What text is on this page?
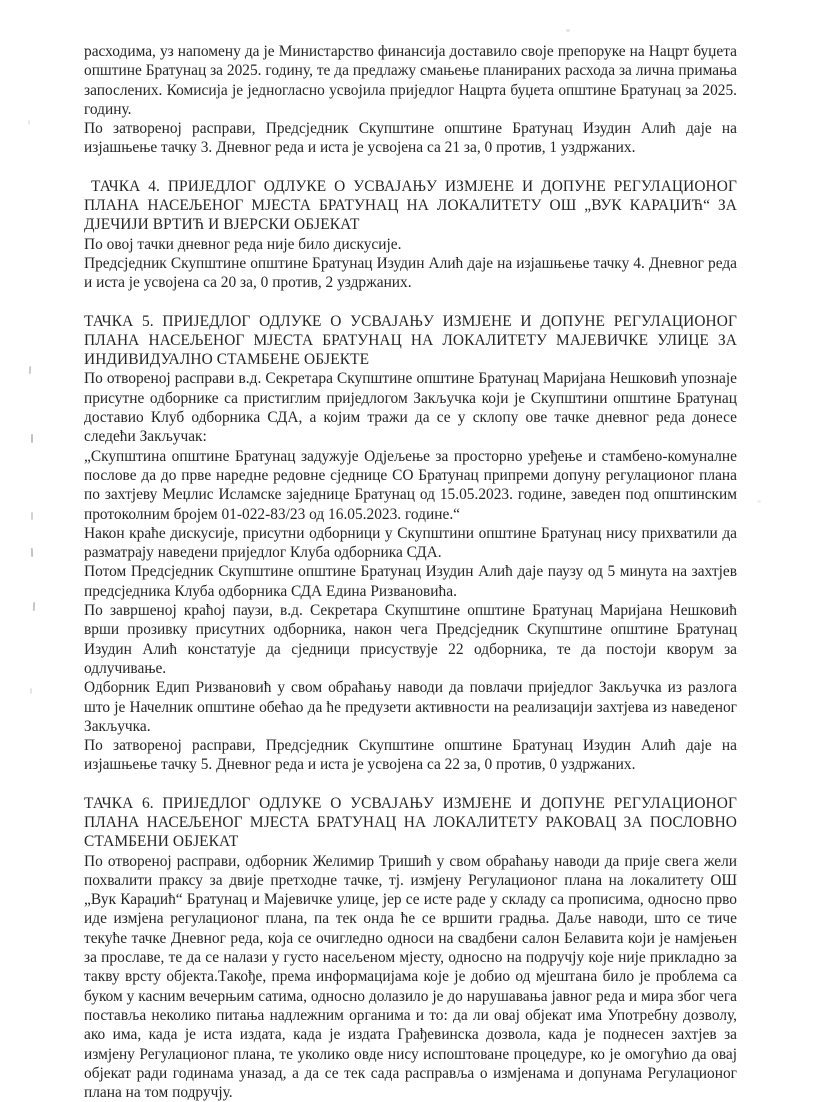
расходима, уз напомену да је Министарство финансија доставило своје препоруке на Нацрт буџета општине Братунац за 2025. годину, те да предлажу смањење планираних расхода за лична примања запослених. Комисија је једногласно усвојила приједлог Нацрта буџета општине Братунац за 2025. годину.

По затвореној расправи, Предсједник Скупштине општине Братунац Изудин Алић даје на изјашњење тачку 3. Дневног реда и иста је усвојена са 21 за, 0 против, 1 уздржаних.

ТАЧКА 4. ПРИЈЕДЛОГ ОДЛУКЕ О УСВАЈАЊУ ИЗМЈЕНЕ И ДОПУНЕ РЕГУЛАЦИОНОГ ПЛАНА НАСЕЉЕНОГ МЈЕСТА БРАТУНАЦ НА ЛОКАЛИТЕТУ ОШ „ВУК КАРАЏИЋ“ ЗА ДЈЕЧИЈИ ВРТИЋ И ВЈЕРСКИ ОБЈЕКАТ

По овој тачки дневног реда није било дискусије.

Предсједник Скупштине општине Братунац Изудин Алић даје на изјашњење тачку 4. Дневног реда и иста је усвојена са 20 за, 0 против, 2 уздржаних.

ТАЧКА 5. ПРИЈЕДЛОГ ОДЛУКЕ О УСВАЈАЊУ ИЗМЈЕНЕ И ДОПУНЕ РЕГУЛАЦИОНОГ ПЛАНА НАСЕЉЕНОГ МЈЕСТА БРАТУНАЦ НА ЛОКАЛИТЕТУ МАЈЕВИЧКЕ УЛИЦЕ ЗА ИНДИВИДУАЛНО СТАМБЕНЕ ОБЈЕКТЕ

По отвореној расправи в.д. Секретара Скупштине општине Братунац Маријана Нешковић упознаје присутне одборнике са пристиглим приједлогом Закључка који је Скупштини општине Братунац доставио Клуб одборника СДА, а којим тражи да се у склопу ове тачке дневног реда донесе следећи Закључак:

„Скупштина општине Братунац задужује Одјељење за просторно уређење и стамбено-комуналне послове да до прве наредне редовне сједнице СО Братунац припреми допуну регулационог плана по захтјеву Меџлис Исламске заједнице Братунац од 15.05.2023. године, заведен под општинским протоколним бројем 01-022-83/23 од 16.05.2023. године.“

Након краће дискусије, присутни одборници у Скупштини општине Братунац нису прихватили да разматрају наведени приједлог Клуба одборника СДА.

Потом Предсједник Скупштине општине Братунац Изудин Алић даје паузу од 5 минута на захтјев предсједника Клуба одборника СДА Едина Ризвановића.

По завршеној краћој паузи, в.д. Секретара Скупштине општине Братунац Маријана Нешковић врши прозивку присутних одборника, након чега Предсједник Скупштине општине Братунац Изудин Алић констатује да сједници присуствује 22 одборника, те да постоји кворум за одлучивање.

Одборник Едип Ризвановић у свом обраћању наводи да повлачи приједлог Закључка из разлога што је Начелник општине обећао да ће предузети активности на реализацији захтјева из наведеног Закључка.

По затвореној расправи, Предсједник Скупштине општине Братунац Изудин Алић даје на изјашњење тачку 5. Дневног реда и иста је усвојена са 22 за, 0 против, 0 уздржаних.

ТАЧКА 6. ПРИЈЕДЛОГ ОДЛУКЕ О УСВАЈАЊУ ИЗМЈЕНЕ И ДОПУНЕ РЕГУЛАЦИОНОГ ПЛАНА НАСЕЉЕНОГ МЈЕСТА БРАТУНАЦ НА ЛОКАЛИТЕТУ РАКОВАЦ ЗА ПОСЛОВНО СТАМБЕНИ ОБЈЕКАТ

По отвореној расправи, одборник Желимир Тришић у свом обраћању наводи да прије свега жели похвалити праксу за двије претходне тачке, тј. измјену Регулационог плана на локалитету ОШ „Вук Караџић“ Братунац и Мајевичке улице, јер се исте раде у складу са прописима, односно прво иде измјена регулационог плана, па тек онда ће се вршити градња. Даље наводи, што се тиче текуће тачке Дневног реда, која се очигледно односи на свадбени салон Белавита који је намјењен за прославе, те да се налази у густо насељеном мјесту, односно на подручју које није прикладно за такву врсту објекта.Такође, према информацијама које је добио од мјештана било је проблема са буком у касним вечерњим сатима, односно долазило је до нарушавања јавног реда и мира због чега поставља неколико питања надлежним органима и то: да ли овај објекат има Употребну дозволу, ако има, када је иста издата, када је издата Грађевинска дозвола, када је поднесен захтјев за измјену Регулационог плана, те уколико овде нису испоштоване процедуре, ко је омогућио да овај објекат ради годинама уназад, а да се тек сада расправља о измјенама и допунама Регулационог плана на том подручју.
